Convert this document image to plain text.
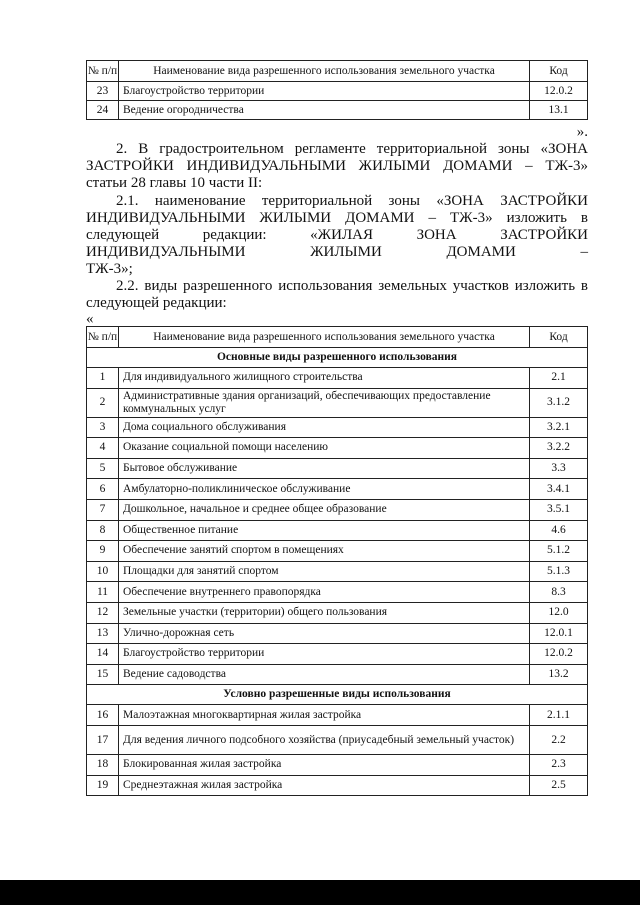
№ п/п	Наименование вида разрешенного использования земельного участка	Код
23	Благоустройство территории	12.0.2
24	Ведение огородничества	13.1

».

2. В градостроительном регламенте территориальной зоны «ЗОНА
ЗАСТРОЙКИ ИНДИВИДУАЛЬНЫМИ ЖИЛЫМИ ДОМАМИ – ТЖ-3»
статьи 28 главы 10 части II:
2.1. наименование территориальной зоны «ЗОНА ЗАСТРОЙКИ
ИНДИВИДУАЛЬНЫМИ ЖИЛЫМИ ДОМАМИ – ТЖ-3» изложить в
следующей редакции: «ЖИЛАЯ ЗОНА ЗАСТРОЙКИ
ИНДИВИДУАЛЬНЫМИ ЖИЛЫМИ ДОМАМИ –
ТЖ-3»;
2.2. виды разрешенного использования земельных участков изложить в
следующей редакции:

«

№ п/п	Наименование вида разрешенного использования земельного участка	Код
Основные виды разрешенного использования		
1	Для индивидуального жилищного строительства	2.1
2	Административные здания организаций, обеспечивающих предоставление коммунальных услуг	3.1.2
3	Дома социального обслуживания	3.2.1
4	Оказание социальной помощи населению	3.2.2
5	Бытовое обслуживание	3.3
6	Амбулаторно-поликлиническое обслуживание	3.4.1
7	Дошкольное, начальное и среднее общее образование	3.5.1
8	Общественное питание	4.6
9	Обеспечение занятий спортом в помещениях	5.1.2
10	Площадки для занятий спортом	5.1.3
11	Обеспечение внутреннего правопорядка	8.3
12	Земельные участки (территории) общего пользования	12.0
13	Улично-дорожная сеть	12.0.1
14	Благоустройство территории	12.0.2
15	Ведение садоводства	13.2
Условно разрешенные виды использования		
16	Малоэтажная многоквартирная жилая застройка	2.1.1
17	Для ведения личного подсобного хозяйства (приусадебный земельный участок)	2.2
18	Блокированная жилая застройка	2.3
19	Среднеэтажная жилая застройка	2.5
